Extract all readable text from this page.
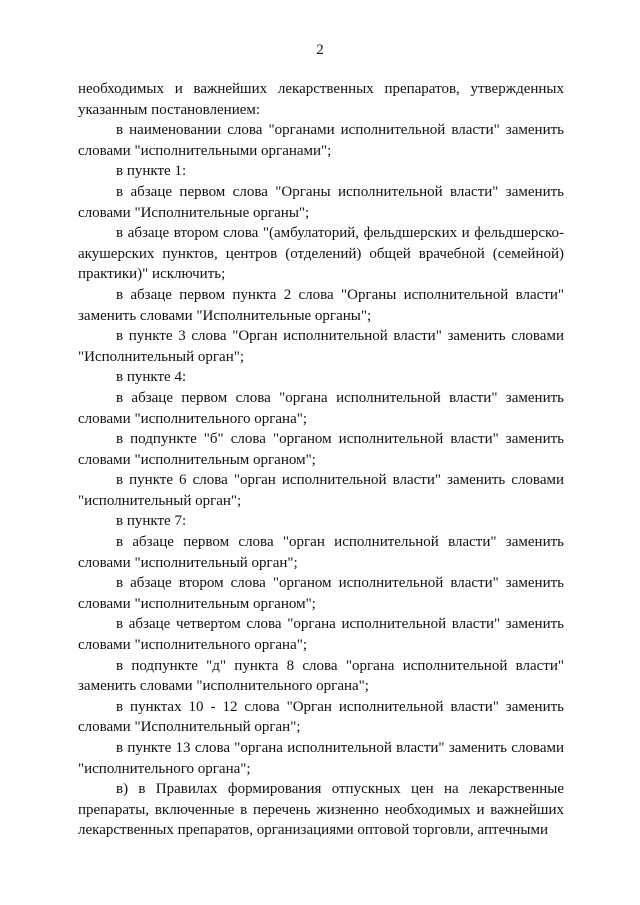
2

необходимых и важнейших лекарственных препаратов, утвержденных указанным постановлением:

в наименовании слова "органами исполнительной власти" заменить словами "исполнительными органами";

в пункте 1:

в абзаце первом слова "Органы исполнительной власти" заменить словами "Исполнительные органы";

в абзаце втором слова "(амбулаторий, фельдшерских и фельдшерско-акушерских пунктов, центров (отделений) общей врачебной (семейной) практики)" исключить;

в абзаце первом пункта 2 слова "Органы исполнительной власти" заменить словами "Исполнительные органы";

в пункте 3 слова "Орган исполнительной власти" заменить словами "Исполнительный орган";

в пункте 4:

в абзаце первом слова "органа исполнительной власти" заменить словами "исполнительного органа";

в подпункте "б" слова "органом исполнительной власти" заменить словами "исполнительным органом";

в пункте 6 слова "орган исполнительной власти" заменить словами "исполнительный орган";

в пункте 7:

в абзаце первом слова "орган исполнительной власти" заменить словами "исполнительный орган";

в абзаце втором слова "органом исполнительной власти" заменить словами "исполнительным органом";

в абзаце четвертом слова "органа исполнительной власти" заменить словами "исполнительного органа";

в подпункте "д" пункта 8 слова "органа исполнительной власти" заменить словами "исполнительного органа";

в пунктах 10 - 12 слова "Орган исполнительной власти" заменить словами "Исполнительный орган";

в пункте 13 слова "органа исполнительной власти" заменить словами "исполнительного органа";

в) в Правилах формирования отпускных цен на лекарственные препараты, включенные в перечень жизненно необходимых и важнейших лекарственных препаратов, организациями оптовой торговли, аптечными
